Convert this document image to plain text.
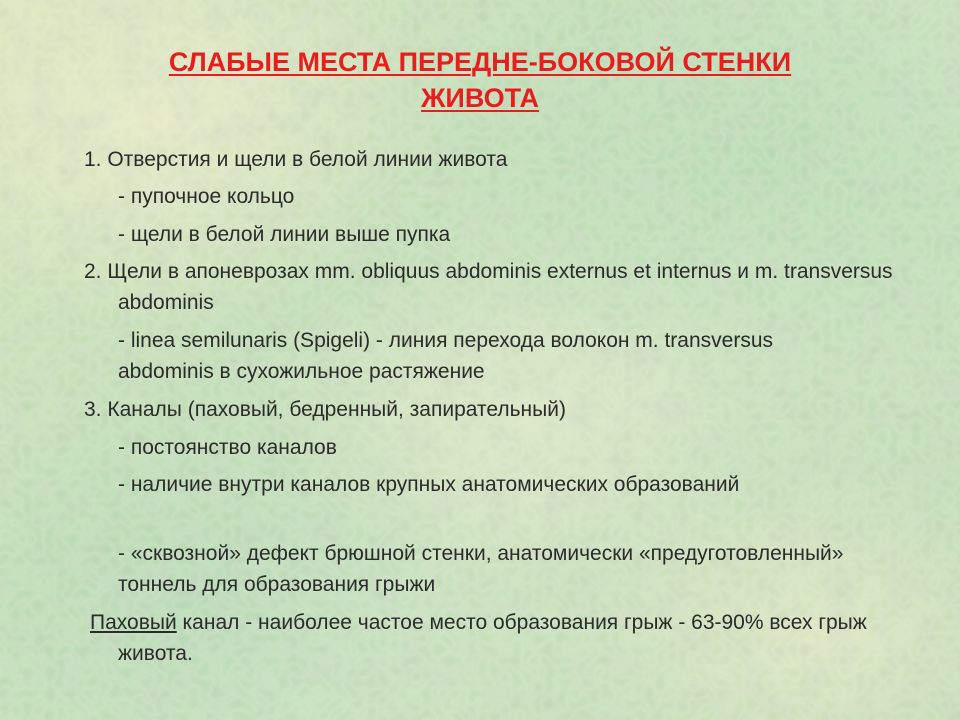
СЛАБЫЕ МЕСТА ПЕРЕДНЕ-БОКОВОЙ СТЕНКИ
ЖИВОТА
1. Отверстия и щели в белой линии живота
- пупочное кольцо
- щели в белой линии выше пупка
2. Щели в апоневрозах mm. obliquus abdominis externus et internus и m. transversus abdominis
- linea semilunaris (Spigeli) - линия перехода волокон m. transversus abdominis в сухожильное растяжение
3. Каналы (паховый, бедренный, запирательный)
- постоянство каналов
- наличие внутри каналов крупных анатомических образований
- «сквозной» дефект брюшной стенки, анатомически «предуготовленный» тоннель для образования грыжи
Паховый канал - наиболее частое место образования грыж - 63-90% всех грыж живота.
